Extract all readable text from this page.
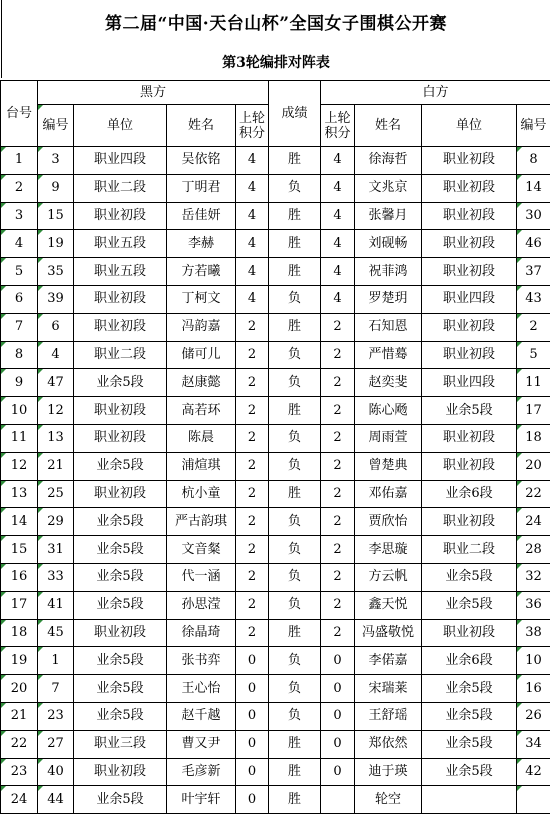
第二届“中国·天台山杯”全国女子围棋公开赛
第3轮编排对阵表
台号	黑方				成绩	白方			
	编号	单位	姓名	上轮积分		上轮积分	姓名	单位	编号
1	3	职业四段	吴依铭	4	胜	4	徐海哲	职业初段	8
2	9	职业二段	丁明君	4	负	4	文兆京	职业初段	14
3	15	职业初段	岳佳妍	4	胜	4	张馨月	职业初段	30
4	19	职业五段	李赫	4	胜	4	刘砚畅	职业初段	46
5	35	职业五段	方若曦	4	胜	4	祝菲鸿	职业初段	37
6	39	职业初段	丁柯文	4	负	4	罗楚玥	职业四段	43
7	6	职业初段	冯韵嘉	2	胜	2	石知恩	职业初段	2
8	4	职业二段	储可儿	2	负	2	严惜蓦	职业初段	5
9	47	业余5段	赵康懿	2	负	2	赵奕斐	职业四段	11
10	12	职业初段	高若环	2	胜	2	陈心飏	业余5段	17
11	13	职业初段	陈晨	2	负	2	周雨萱	职业初段	18
12	21	业余5段	浦煊琪	2	负	2	曾楚典	职业初段	20
13	25	职业初段	杭小童	2	胜	2	邓佑嘉	业余6段	22
14	29	业余5段	严古韵琪	2	负	2	贾欣怡	职业初段	24
15	31	业余5段	文音粲	2	负	2	李思璇	职业二段	28
16	33	业余5段	代一涵	2	负	2	方云帆	业余5段	32
17	41	业余5段	孙思滢	2	负	2	鑫天悦	业余5段	36
18	45	职业初段	徐晶琦	2	胜	2	冯盛敬悦	职业初段	38
19	1	业余5段	张书弈	0	负	0	李偌嘉	业余6段	10
20	7	业余5段	王心怡	0	负	0	宋瑞莱	业余5段	16
21	23	业余5段	赵千越	0	负	0	王舒瑶	业余5段	26
22	27	职业三段	曹又尹	0	胜	0	郑依然	业余5段	34
23	40	职业初段	毛彦新	0	胜	0	迪于瑛	业余5段	42
24	44	业余5段	叶宇轩	0	胜		轮空		
